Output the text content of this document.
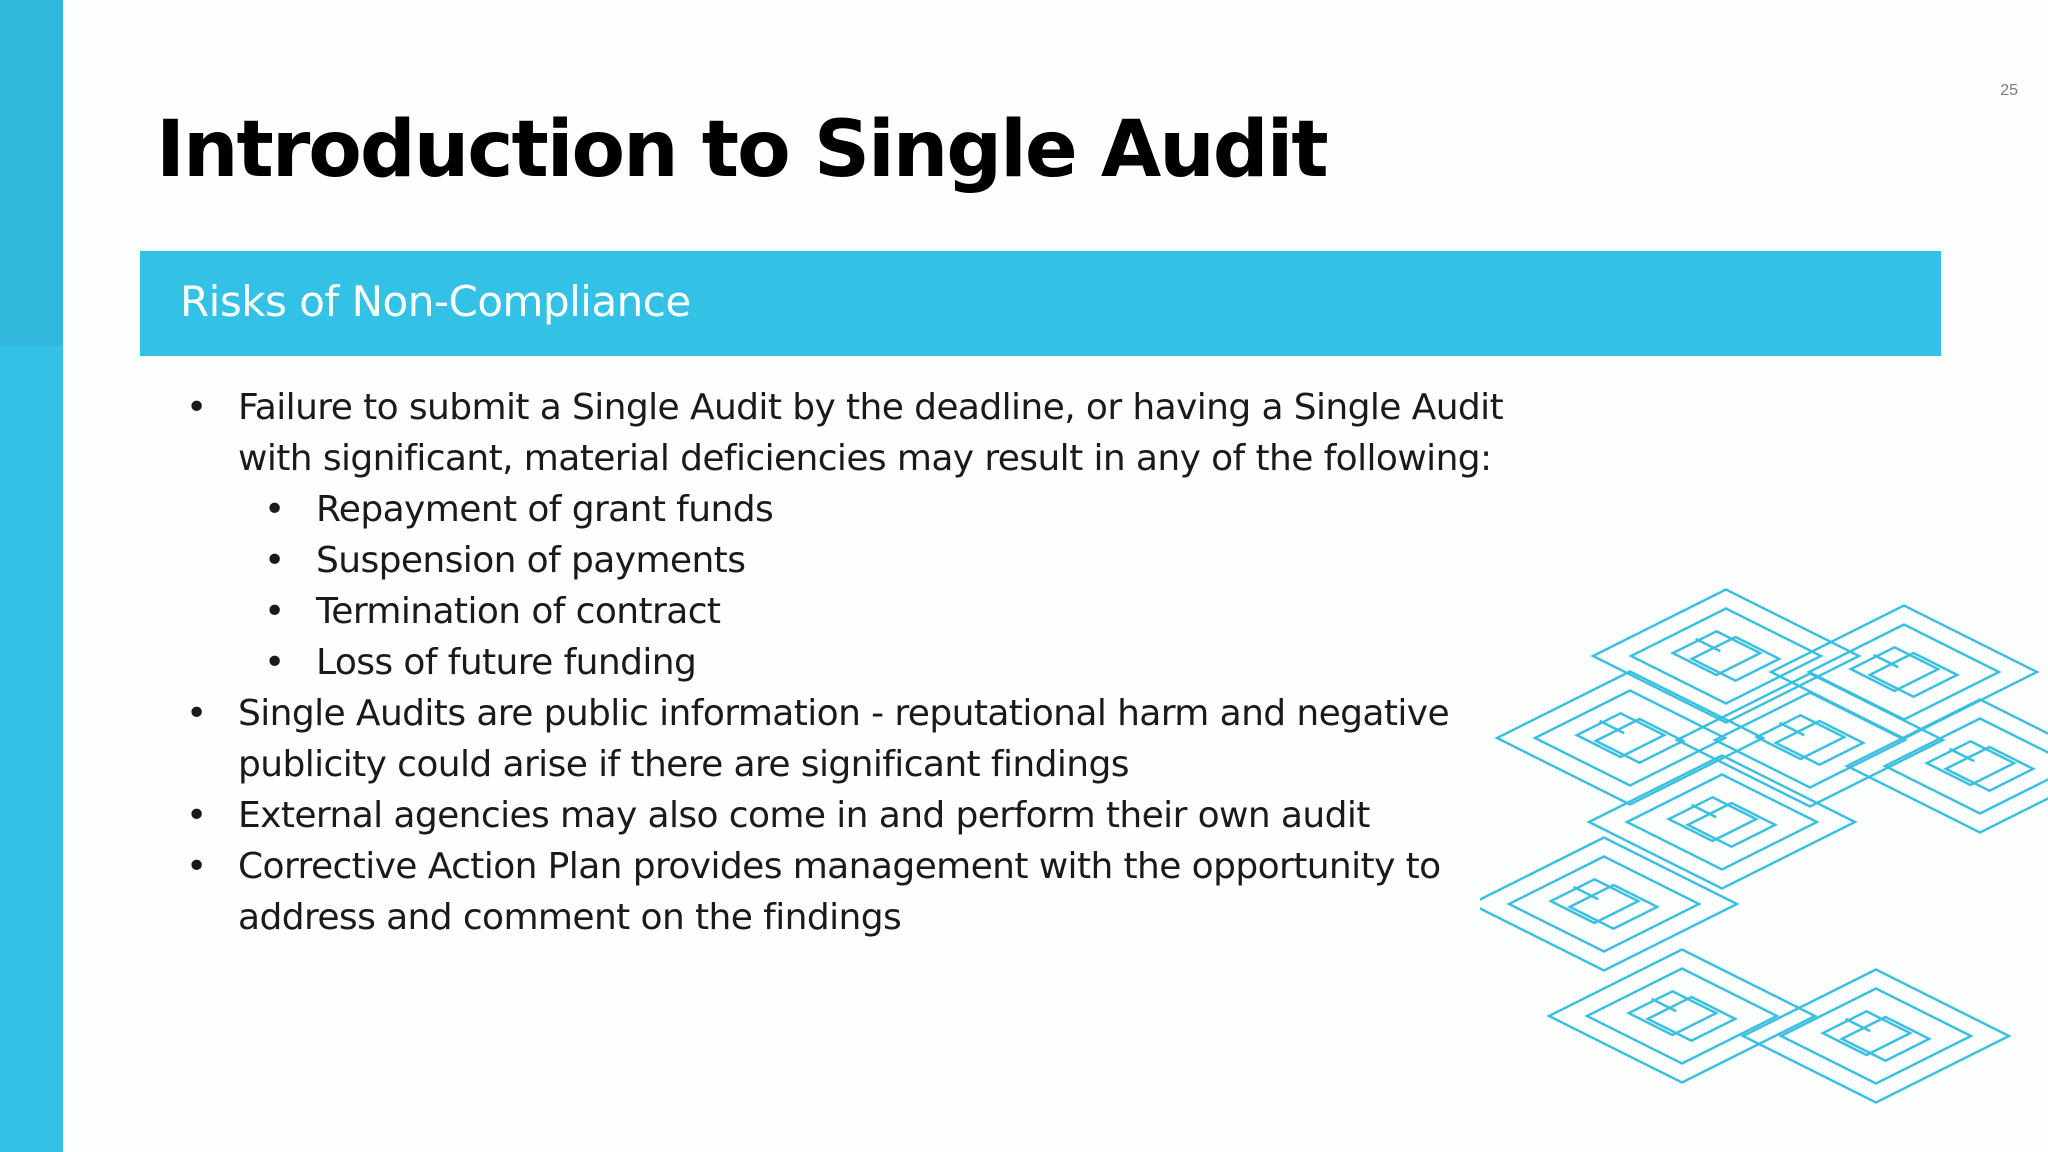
25
Introduction to Single Audit
Risks of Non-Compliance
• Failure to submit a Single Audit by the deadline, or having a Single Audit with significant, material deficiencies may result in any of the following:
• Repayment of grant funds
• Suspension of payments
• Termination of contract
• Loss of future funding
• Single Audits are public information - reputational harm and negative publicity could arise if there are significant findings
• External agencies may also come in and perform their own audit
• Corrective Action Plan provides management with the opportunity to address and comment on the findings
